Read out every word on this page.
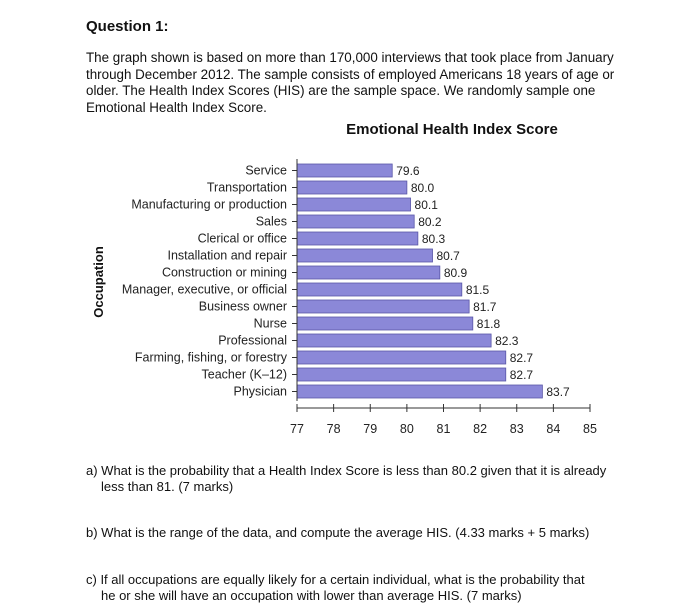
Question 1:
The graph shown is based on more than 170,000 interviews that took place from January through December 2012. The sample consists of employed Americans 18 years of age or older. The Health Index Scores (HIS) are the sample space. We randomly sample one Emotional Health Index Score.
Emotional Health Index Score
Occupation
79.6
80.0
80.1
80.2
80.3
80.7
80.9
81.5
81.7
81.8
82.3
82.7
82.7
83.7
Service
Transportation
Manufacturing or production
Sales
Clerical or office
Installation and repair
Construction or mining
Manager, executive, or official
Business owner
Nurse
Professional
Farming, fishing, or forestry
Teacher (K–12)
Physician
77 78 79 80 81 82 83 84 85
a) What is the probability that a Health Index Score is less than 80.2 given that it is already
less than 81. (7 marks)
b) What is the range of the data, and compute the average HIS. (4.33 marks + 5 marks)
c) If all occupations are equally likely for a certain individual, what is the probability that
he or she will have an occupation with lower than average HIS. (7 marks)
